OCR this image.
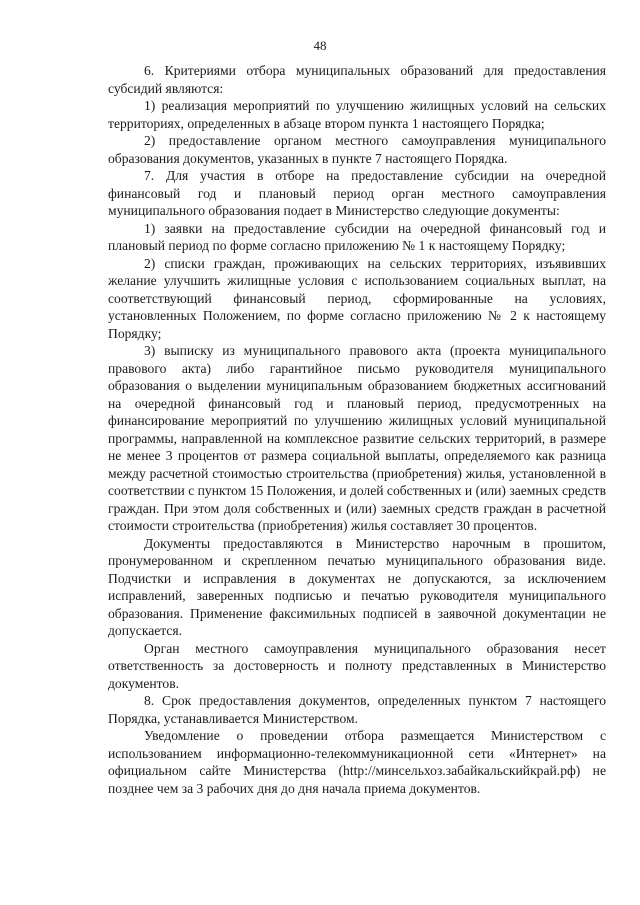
48

6. Критериями отбора муниципальных образований для предоставления субсидий являются:

1) реализация мероприятий по улучшению жилищных условий на сельских территориях, определенных в абзаце втором пункта 1 настоящего Порядка;

2) предоставление органом местного самоуправления муниципального образования документов, указанных в пункте 7 настоящего Порядка.

7. Для участия в отборе на предоставление субсидии на очередной финансовый год и плановый период орган местного самоуправления муниципального образования подает в Министерство следующие документы:

1) заявки на предоставление субсидии на очередной финансовый год и плановый период по форме согласно приложению № 1 к настоящему Порядку;

2) списки граждан, проживающих на сельских территориях, изъявивших желание улучшить жилищные условия с использованием социальных выплат, на соответствующий финансовый период, сформированные на условиях, установленных Положением, по форме согласно приложению № 2 к настоящему Порядку;

3) выписку из муниципального правового акта (проекта муниципального правового акта) либо гарантийное письмо руководителя муниципального образования о выделении муниципальным образованием бюджетных ассигнований на очередной финансовый год и плановый период, предусмотренных на финансирование мероприятий по улучшению жилищных условий муниципальной программы, направленной на комплексное развитие сельских территорий, в размере не менее 3 процентов от размера социальной выплаты, определяемого как разница между расчетной стоимостью строительства (приобретения) жилья, установленной в соответствии с пунктом 15 Положения, и долей собственных и (или) заемных средств граждан. При этом доля собственных и (или) заемных средств граждан в расчетной стоимости строительства (приобретения) жилья составляет 30 процентов.

Документы предоставляются в Министерство нарочным в прошитом, пронумерованном и скрепленном печатью муниципального образования виде. Подчистки и исправления в документах не допускаются, за исключением исправлений, заверенных подписью и печатью руководителя муниципального образования. Применение факсимильных подписей в заявочной документации не допускается.

Орган местного самоуправления муниципального образования несет ответственность за достоверность и полноту представленных в Министерство документов.

8. Срок предоставления документов, определенных пунктом 7 настоящего Порядка, устанавливается Министерством.

Уведомление о проведении отбора размещается Министерством с использованием информационно-телекоммуникационной сети «Интернет» на официальном сайте Министерства (http://минсельхоз.забайкальскийкрай.рф) не позднее чем за 3 рабочих дня до дня начала приема документов.
